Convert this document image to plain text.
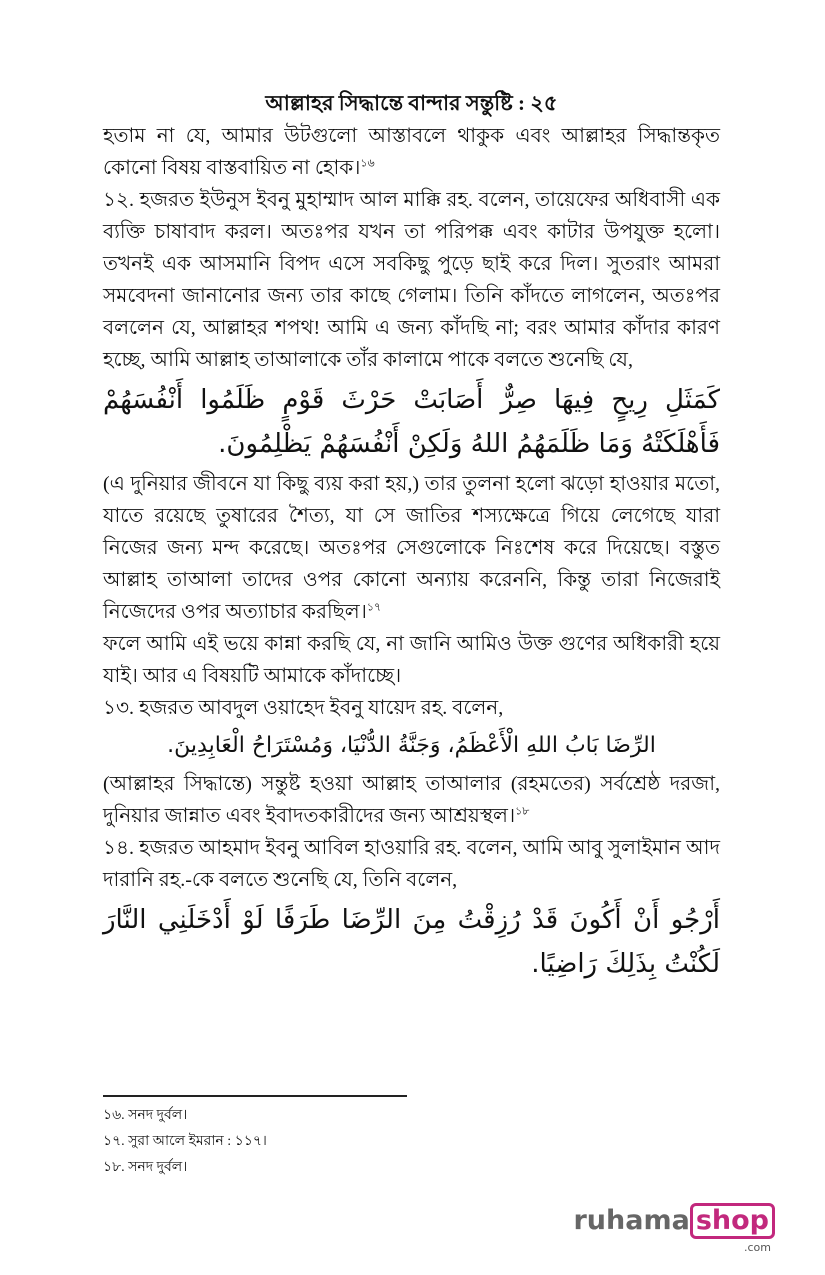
আল্লাহর সিদ্ধান্তে বান্দার সন্তুষ্টি : ২৫

হতাম না যে, আমার উটগুলো আস্তাবলে থাকুক এবং আল্লাহর সিদ্ধান্তকৃতকোনো বিষয় বাস্তবায়িত না হোক।$^{১৬}$

১২. হজরত ইউনুস ইবনু মুহাম্মাদ আল মাক্কি রহ. বলেন, তায়েফের অধিবাসী এক ব্যক্তি চাষাবাদ করল। অতঃপর যখন তা পরিপক্ক এবং কাটার উপযুক্ত হলো। তখনই এক আসমানি বিপদ এসে সবকিছু পুড়ে ছাই করে দিল। সুতরাং আমরা সমবেদনা জানানোর জন্য তার কাছে গেলাম। তিনি কাঁদতে লাগলেন, অতঃপর বললেন যে, আল্লাহর শপথ! আমি এ জন্য কাঁদছি না; বরং আমার কাঁদার কারণ হচ্ছে, আমি আল্লাহ তাআলাকে তাঁর কালামে পাকে বলতে শুনেছি যে,

كَمَثَلِ رِيحٍ فِيهَا صِرٌّ أَصَابَتْ حَرْثَ قَوْمٍ ظَلَمُوا أَنْفُسَهُمْ فَأَهْلَكَتْهُ وَمَا ظَلَمَهُمُاللهُ وَلَكِنْ أَنْفُسَهُمْ يَظْلِمُونَ.

(এ দুনিয়ার জীবনে যা কিছু ব্যয় করা হয়,) তার তুলনা হলো ঝড়ো হাওয়ার মতো, যাতে রয়েছে তুষারের শৈত্য, যা সে জাতির শস্যক্ষেত্রে গিয়ে লেগেছে যারা নিজের জন্য মন্দ করেছে। অতঃপর সেগুলোকে নিঃশেষ করে দিয়েছে। বস্তুত আল্লাহ তাআলা তাদের ওপর কোনো অন্যায় করেননি, কিন্তু তারা নিজেরাই নিজেদের ওপর অত্যাচার করছিল।$^{১৭}$

ফলে আমি এই ভয়ে কান্না করছি যে, না জানি আমিও উক্ত গুণের অধিকারী হয়ে যাই। আর এ বিষয়টি আমাকে কাঁদাচ্ছে।

১৩. হজরত আবদুল ওয়াহেদ ইবনু যায়েদ রহ. বলেন,

الرِّضَا بَابُ اللهِ الْأَعْظَمُ، وَجَنَّةُ الدُّنْيَا، وَمُسْتَرَاحُ الْعَابِدِينَ.

(আল্লাহর সিদ্ধান্তে) সন্তুষ্ট হওয়া আল্লাহ তাআলার (রহমতের) সর্বশ্রেষ্ঠ দরজা, দুনিয়ার জান্নাত এবং ইবাদতকারীদের জন্য আশ্রয়স্থল।$^{১৮}$

১৪. হজরত আহমাদ ইবনু আবিল হাওয়ারি রহ. বলেন, আমি আবু সুলাইমান আদ দারানি রহ.-কে বলতে শুনেছি যে, তিনি বলেন,

أَرْجُو أَنْ أَكُونَ قَدْ رُزِقْتُ مِنَ الرِّضَا طَرَفًا لَوْ أَدْخَلَنِي النَّارَ لَكُنْتُ بِذَلِكَرَاضِيًا.
১৬. সনদ দুর্বল।
১৭. সুরা আলে ইমরান : ১১৭।
১৮. সনদ দুর্বল।
ruhama shop
.com
